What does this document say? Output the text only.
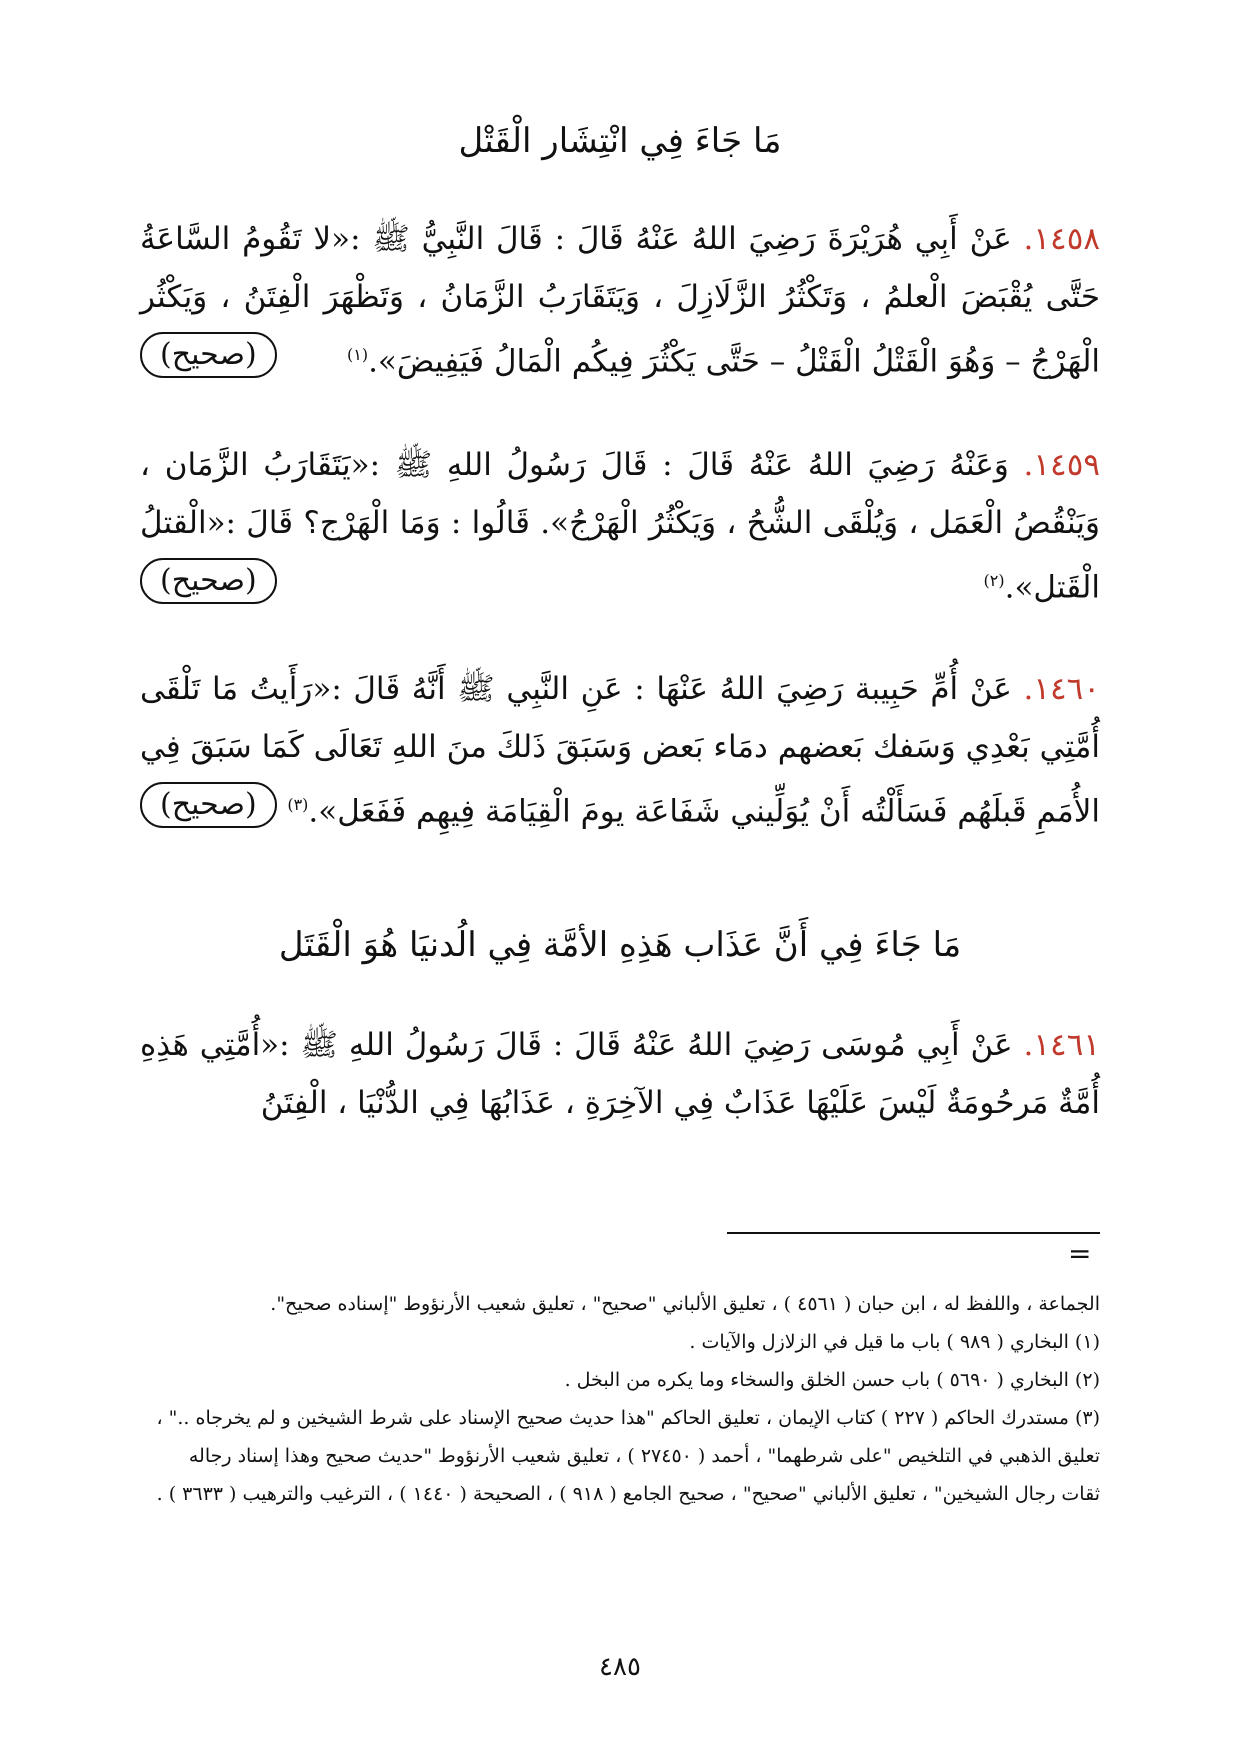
مَا جَاءَ فِي انْتِشَار الْقَتْل
١٤٥٨. عَنْ أَبِي هُرَيْرَةَ رَضِيَ اللهُ عَنْهُ قَالَ : قَالَ النَّبِيُّ ﷺ :«لا تَقُومُ السَّاعَةُ حَتَّى يُقْبَضَ الْعلمُ ، وَتَكْثُرُ الزَّلَازِلَ ، وَيَتَقَارَبُ الزَّمَانُ ، وَتَظْهَرَ الْفِتَنُ ، وَيَكْثُر الْهَرْجُ – وَهُوَ الْقَتْلُ الْقَتْلُ – حَتَّى يَكْثُرَ فِيكُم الْمَالُ فَيَفِيضَ».$^{(١)}$
(صحيح)
١٤٥٩. وَعَنْهُ رَضِيَ اللهُ عَنْهُ قَالَ : قَالَ رَسُولُ اللهِ ﷺ :«يَتَقَارَبُ الزَّمَان ، وَيَنْقُصُ الْعَمَل ، وَيُلْقَى الشُّحُ ، وَيَكْثُرُ الْهَرْجُ». قَالُوا : وَمَا الْهَرْج؟ قَالَ :«الْقتلُ الْقَتل».$^{(٢)}$
(صحيح)
١٤٦٠. عَنْ أُمِّ حَبِيبة رَضِيَ اللهُ عَنْهَا : عَنِ النَّبِي ﷺ أَنَّهُ قَالَ :«رَأَيتُ مَا تَلْقَى أُمَّتِي بَعْدِي وَسَفك بَعضهم دمَاء بَعض وَسَبَقَ ذَلكَ منَ اللهِ تَعَالَى كَمَا سَبَقَ فِي الأُمَمِ قَبلَهُم فَسَأَلْتُه أَنْ يُوَلِّيني شَفَاعَة يومَ الْقِيَامَة فِيهِم فَفَعَل».$^{(٣)}$
(صحيح)
مَا جَاءَ فِي أَنَّ عَذَاب هَذِهِ الأمَّة فِي الُدنيَا هُوَ الْقَتَل
١٤٦١. عَنْ أَبِي مُوسَى رَضِيَ اللهُ عَنْهُ قَالَ : قَالَ رَسُولُ اللهِ ﷺ :«أُمَّتِي هَذِهِ أُمَّةٌ مَرحُومَةٌ لَيْسَ عَلَيْهَا عَذَابٌ فِي الآخِرَةِ ، عَذَابُهَا فِي الدُّنْيَا ، الْفِتَنُ
=

الجماعة ، واللفظ له ، ابن حبان ( ٤٥٦١ ) ، تعليق الألباني "صحيح" ، تعليق شعيب الأرنؤوط "إسناده صحيح".

(١) البخاري ( ٩٨٩ ) باب ما قيل في الزلازل والآيات .

(٢) البخاري ( ٥٦٩٠ ) باب حسن الخلق والسخاء وما يكره من البخل .

(٣) مستدرك الحاكم ( ٢٢٧ ) كتاب الإيمان ، تعليق الحاكم "هذا حديث صحيح الإسناد على شرط الشيخين و لم يخرجاه .." ، تعليق الذهبي في التلخيص "على شرطهما" ، أحمد ( ٢٧٤٥٠ ) ، تعليق شعيب الأرنؤوط "حديث صحيح وهذا إسناد رجاله ثقات رجال الشيخين" ، تعليق الألباني "صحيح" ، صحيح الجامع ( ٩١٨ ) ، الصحيحة ( ١٤٤٠ ) ، الترغيب والترهيب ( ٣٦٣٣ ) .

٤٨٥
